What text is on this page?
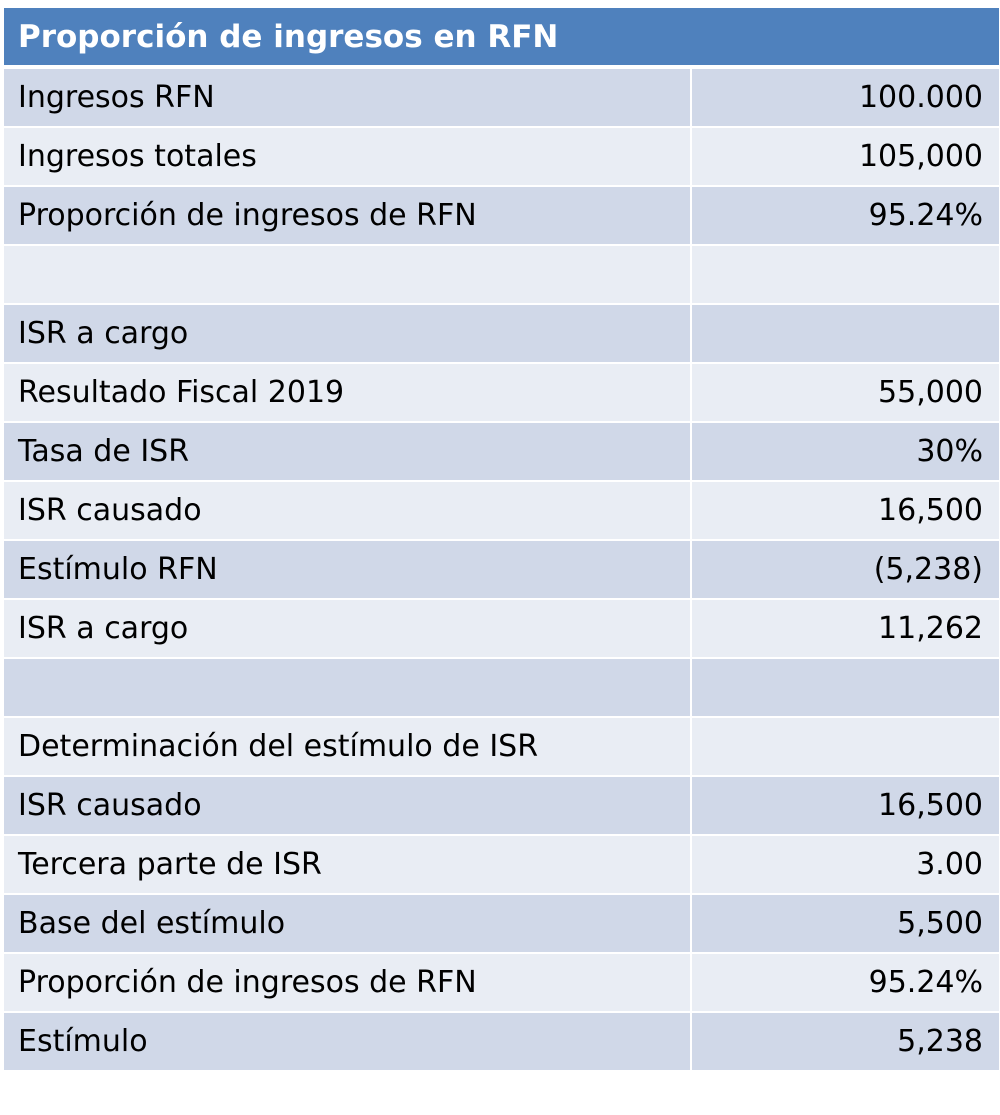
Proporción de ingresos en RFN	
Ingresos RFN	100.000
Ingresos totales	105,000
Proporción de ingresos de RFN	95.24%

ISR a cargo	
Resultado Fiscal 2019	55,000
Tasa de ISR	30%
ISR causado	16,500
Estímulo RFN	(5,238)
ISR a cargo	11,262

Determinación del estímulo de ISR	
ISR causado	16,500
Tercera parte de ISR	3.00
Base del estímulo	5,500
Proporción de ingresos de RFN	95.24%
Estímulo	5,238
